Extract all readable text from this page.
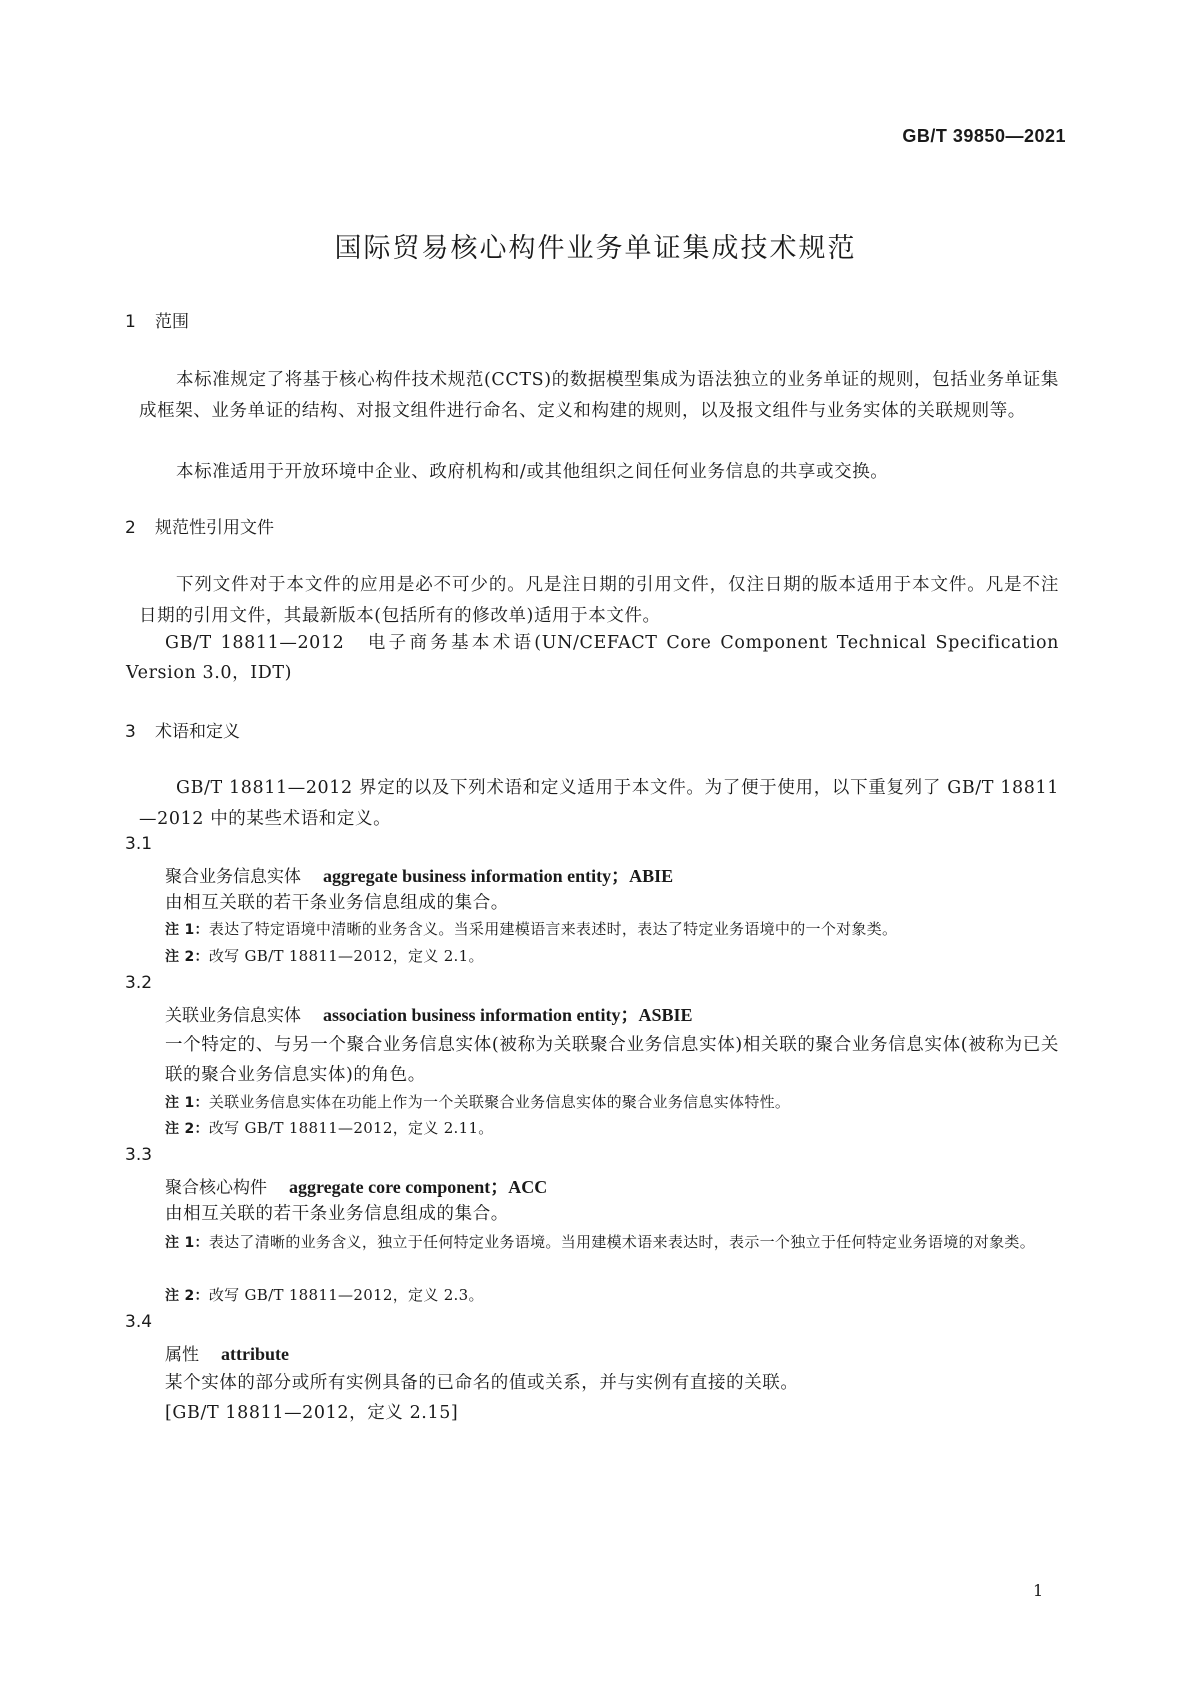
GB/T 39850—2021
国际贸易核心构件业务单证集成技术规范
1 范围
本标准规定了将基于核心构件技术规范(CCTS)的数据模型集成为语法独立的业务单证的规则，包括业务单证集成框架、业务单证的结构、对报文组件进行命名、定义和构建的规则，以及报文组件与业务实体的关联规则等。
本标准适用于开放环境中企业、政府机构和/或其他组织之间任何业务信息的共享或交换。
2 规范性引用文件
下列文件对于本文件的应用是必不可少的。凡是注日期的引用文件，仅注日期的版本适用于本文件。凡是不注日期的引用文件，其最新版本(包括所有的修改单)适用于本文件。
GB/T 18811—2012　电子商务基本术语(UN/CEFACT Core Component Technical Specification
Version 3.0，IDT)
3 术语和定义
GB/T 18811—2012 界定的以及下列术语和定义适用于本文件。为了便于使用，以下重复列了 GB/T 18811—2012 中的某些术语和定义。
3.1
聚合业务信息实体 aggregate business information entity；ABIE
由相互关联的若干条业务信息组成的集合。
注 1：表达了特定语境中清晰的业务含义。当采用建模语言来表述时，表达了特定业务语境中的一个对象类。
注 2：改写 GB/T 18811—2012，定义 2.1。
3.2
关联业务信息实体 association business information entity；ASBIE
一个特定的、与另一个聚合业务信息实体(被称为关联聚合业务信息实体)相关联的聚合业务信息实体(被称为已关联的聚合业务信息实体)的角色。
注 1：关联业务信息实体在功能上作为一个关联聚合业务信息实体的聚合业务信息实体特性。
注 2：改写 GB/T 18811—2012，定义 2.11。
3.3
聚合核心构件 aggregate core component；ACC
由相互关联的若干条业务信息组成的集合。
注 1：表达了清晰的业务含义，独立于任何特定业务语境。当用建模术语来表达时，表示一个独立于任何特定业务语境的对象类。
注 2：改写 GB/T 18811—2012，定义 2.3。
3.4
属性 attribute
某个实体的部分或所有实例具备的已命名的值或关系，并与实例有直接的关联。
[GB/T 18811—2012，定义 2.15]
1
